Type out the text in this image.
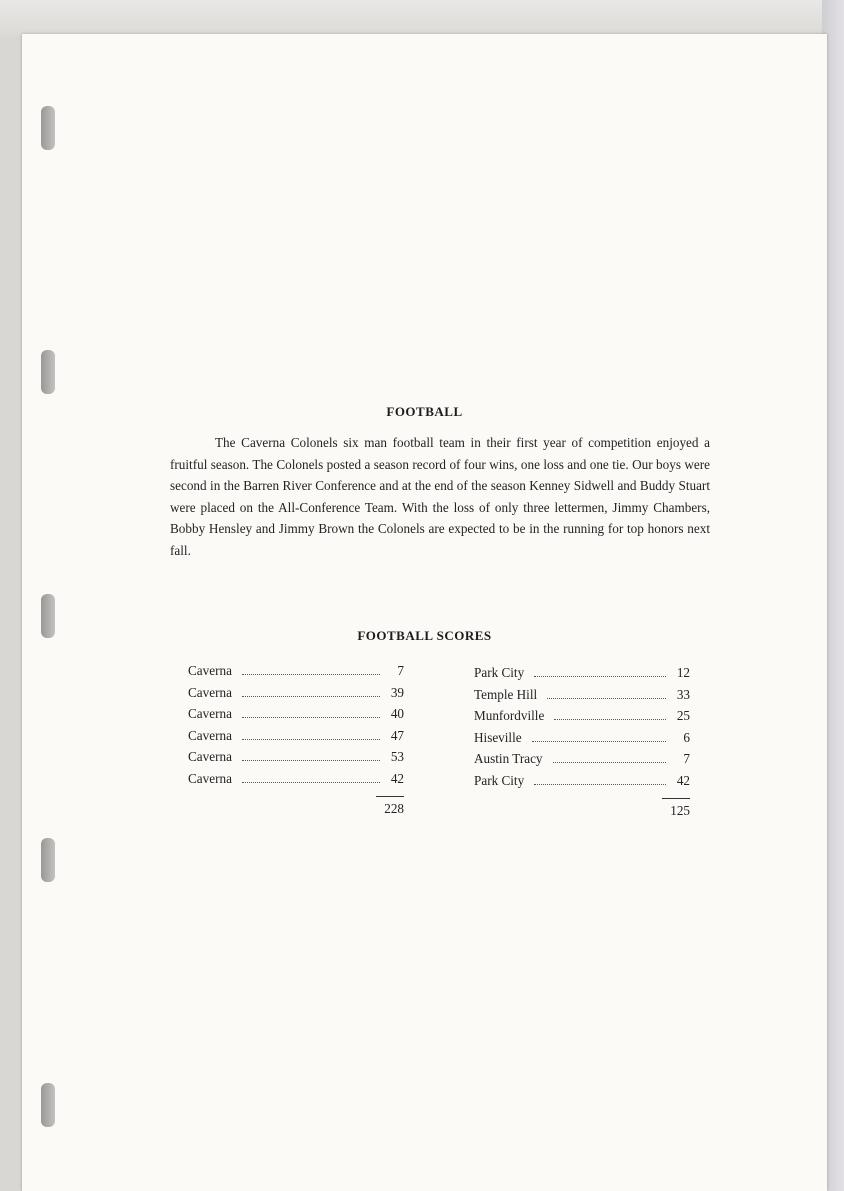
FOOTBALL

The Caverna Colonels six man football team in their first year of competition enjoyed a fruitful season. The Colonels posted a season record of four wins, one loss and one tie. Our boys were second in the Barren River Conference and at the end of the season Kenney Sidwell and Buddy Stuart were placed on the All-Conference Team. With the loss of only three lettermen, Jimmy Chambers, Bobby Hensley and Jimmy Brown the Colonels are expected to be in the running for top honors next fall.

FOOTBALL SCORES
Caverna	7
Caverna	39
Caverna	40
Caverna	47
Caverna	53
Caverna	42
228
Park City	12
Temple Hill	33
Munfordville	25
Hiseville	6
Austin Tracy	7
Park City	42
125
